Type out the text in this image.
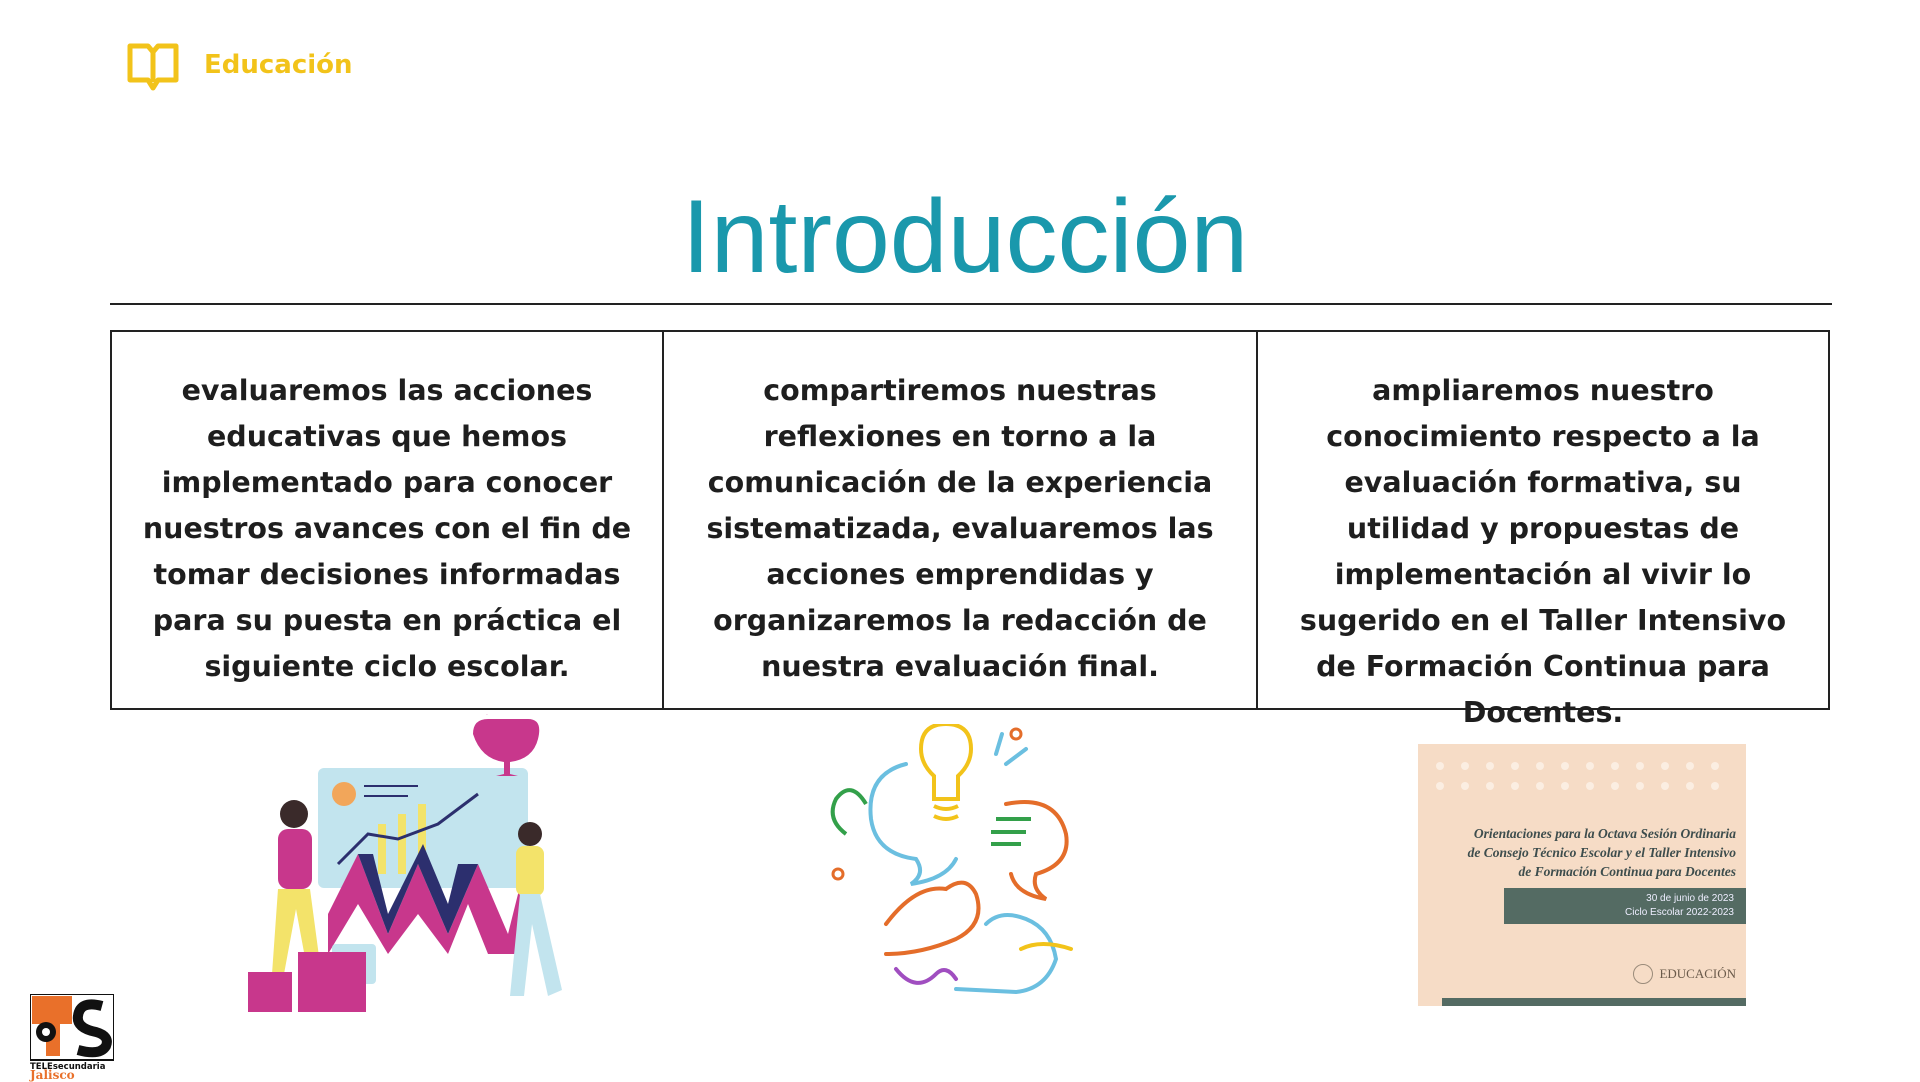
Educación
Introducción
evaluaremos las acciones educativas que hemos implementado para conocer nuestros avances con el fin de tomar decisiones informadas para su puesta en práctica el siguiente ciclo escolar.
compartiremos nuestras reflexiones en torno a la comunicación de la experiencia sistematizada, evaluaremos las acciones emprendidas y organizaremos la redacción de nuestra evaluación final.
ampliaremos nuestro conocimiento respecto a la evaluación formativa, su utilidad y propuestas de implementación al vivir lo sugerido en el Taller Intensivo de Formación Continua para Docentes.
Orientaciones para la Octava Sesión Ordinaria
de Consejo Técnico Escolar y el Taller Intensivo
de Formación Continua para Docentes
30 de junio de 2023
Ciclo Escolar 2022-2023
EDUCACIÓN
TELEsecundaria
Jalisco
